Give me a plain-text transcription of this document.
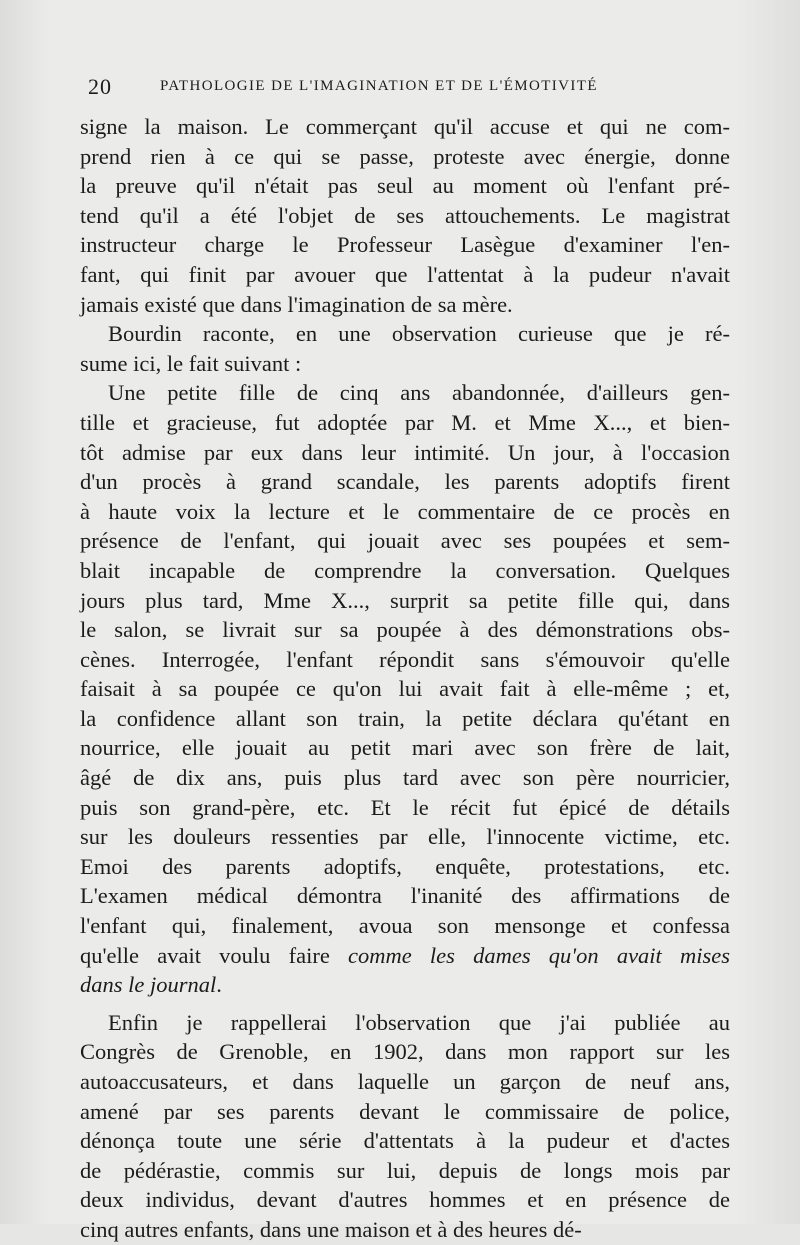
20	PATHOLOGIE DE L'IMAGINATION ET DE L'ÉMOTIVITÉ
signe la maison. Le commerçant qu'il accuse et qui ne com-
prend rien à ce qui se passe, proteste avec énergie, donne
la preuve qu'il n'était pas seul au moment où l'enfant pré-
tend qu'il a été l'objet de ses attouchements. Le magistrat
instructeur charge le Professeur Lasègue d'examiner l'en-
fant, qui finit par avouer que l'attentat à la pudeur n'avait
jamais existé que dans l'imagination de sa mère.
Bourdin raconte, en une observation curieuse que je ré-
sume ici, le fait suivant :
Une petite fille de cinq ans abandonnée, d'ailleurs gen-
tille et gracieuse, fut adoptée par M. et Mme X..., et bien-
tôt admise par eux dans leur intimité. Un jour, à l'occasion
d'un procès à grand scandale, les parents adoptifs firent
à haute voix la lecture et le commentaire de ce procès en
présence de l'enfant, qui jouait avec ses poupées et sem-
blait incapable de comprendre la conversation. Quelques
jours plus tard, Mme X..., surprit sa petite fille qui, dans
le salon, se livrait sur sa poupée à des démonstrations obs-
cènes. Interrogée, l'enfant répondit sans s'émouvoir qu'elle
faisait à sa poupée ce qu'on lui avait fait à elle-même ; et,
la confidence allant son train, la petite déclara qu'étant en
nourrice, elle jouait au petit mari avec son frère de lait,
âgé de dix ans, puis plus tard avec son père nourricier,
puis son grand-père, etc. Et le récit fut épicé de détails
sur les douleurs ressenties par elle, l'innocente victime, etc.
Emoi des parents adoptifs, enquête, protestations, etc.
L'examen médical démontra l'inanité des affirmations de
l'enfant qui, finalement, avoua son mensonge et confessa
qu'elle avait voulu faire comme les dames qu'on avait mises
dans le journal.
Enfin je rappellerai l'observation que j'ai publiée au
Congrès de Grenoble, en 1902, dans mon rapport sur les
autoaccusateurs, et dans laquelle un garçon de neuf ans,
amené par ses parents devant le commissaire de police,
dénonça toute une série d'attentats à la pudeur et d'actes
de pédérastie, commis sur lui, depuis de longs mois par
deux individus, devant d'autres hommes et en présence de
cinq autres enfants, dans une maison et à des heures dé-
